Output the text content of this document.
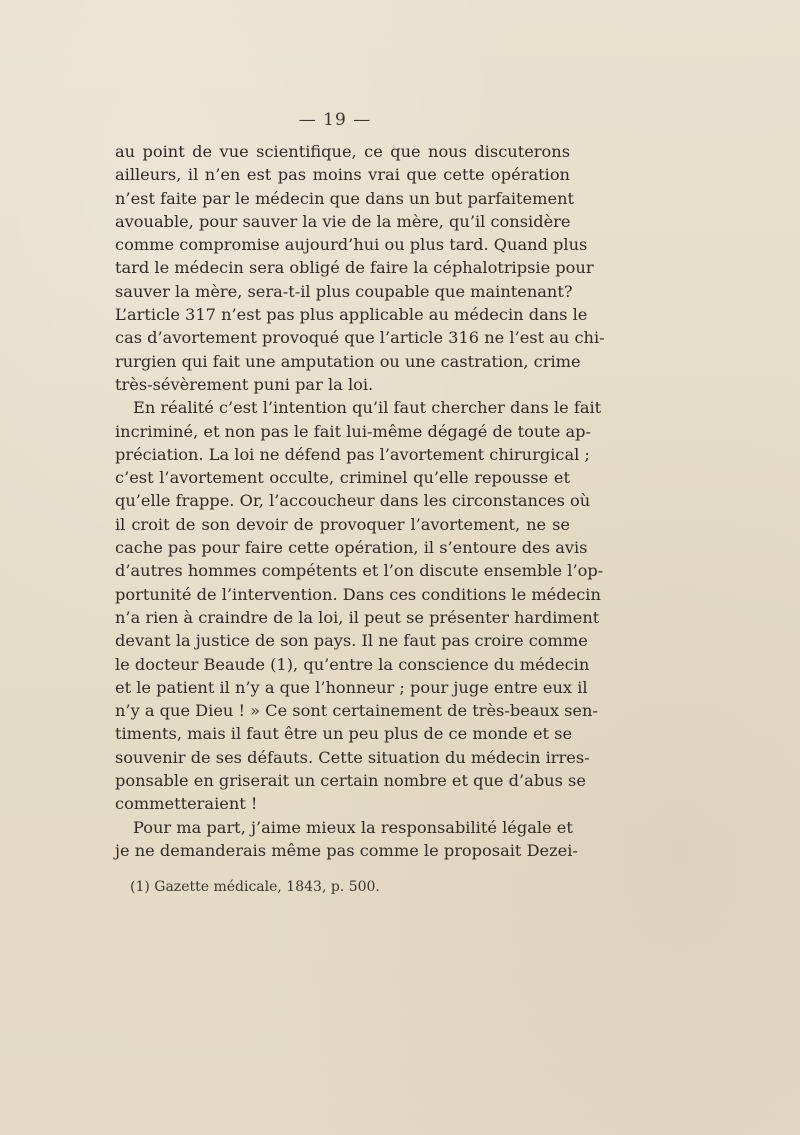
— 19 —
au point de vue scientifique, ce que nous discuterons
ailleurs, il n’en est pas moins vrai que cette opération
n’est faite par le médecin que dans un but parfaitement
avouable, pour sauver la vie de la mère, qu’il considère
comme compromise aujourd’hui ou plus tard. Quand plus
tard le médecin sera obligé de faire la céphalotripsie pour
sauver la mère, sera-t-il plus coupable que maintenant?
L’article 317 n’est pas plus applicable au médecin dans le
cas d’avortement provoqué que l’article 316 ne l’est au chi-
rurgien qui fait une amputation ou une castration, crime
très-sévèrement puni par la loi.
En réalité c’est l’intention qu’il faut chercher dans le fait
incriminé, et non pas le fait lui-même dégagé de toute ap-
préciation. La loi ne défend pas l’avortement chirurgical ;
c’est l’avortement occulte, criminel qu’elle repousse et
qu’elle frappe. Or, l’accoucheur dans les circonstances où
il croit de son devoir de provoquer l’avortement, ne se
cache pas pour faire cette opération, il s’entoure des avis
d’autres hommes compétents et l’on discute ensemble l’op-
portunité de l’intervention. Dans ces conditions le médecin
n’a rien à craindre de la loi, il peut se présenter hardiment
devant la justice de son pays. Il ne faut pas croire comme
le docteur Beaude (1), qu’entre la conscience du médecin
et le patient il n’y a que l’honneur ; pour juge entre eux il
n’y a que Dieu ! » Ce sont certainement de très-beaux sen-
timents, mais il faut être un peu plus de ce monde et se
souvenir de ses défauts. Cette situation du médecin irres-
ponsable en griserait un certain nombre et que d’abus se
commetteraient !
Pour ma part, j’aime mieux la responsabilité légale et
je ne demanderais même pas comme le proposait Dezei-
(1) Gazette médicale, 1843, p. 500.
